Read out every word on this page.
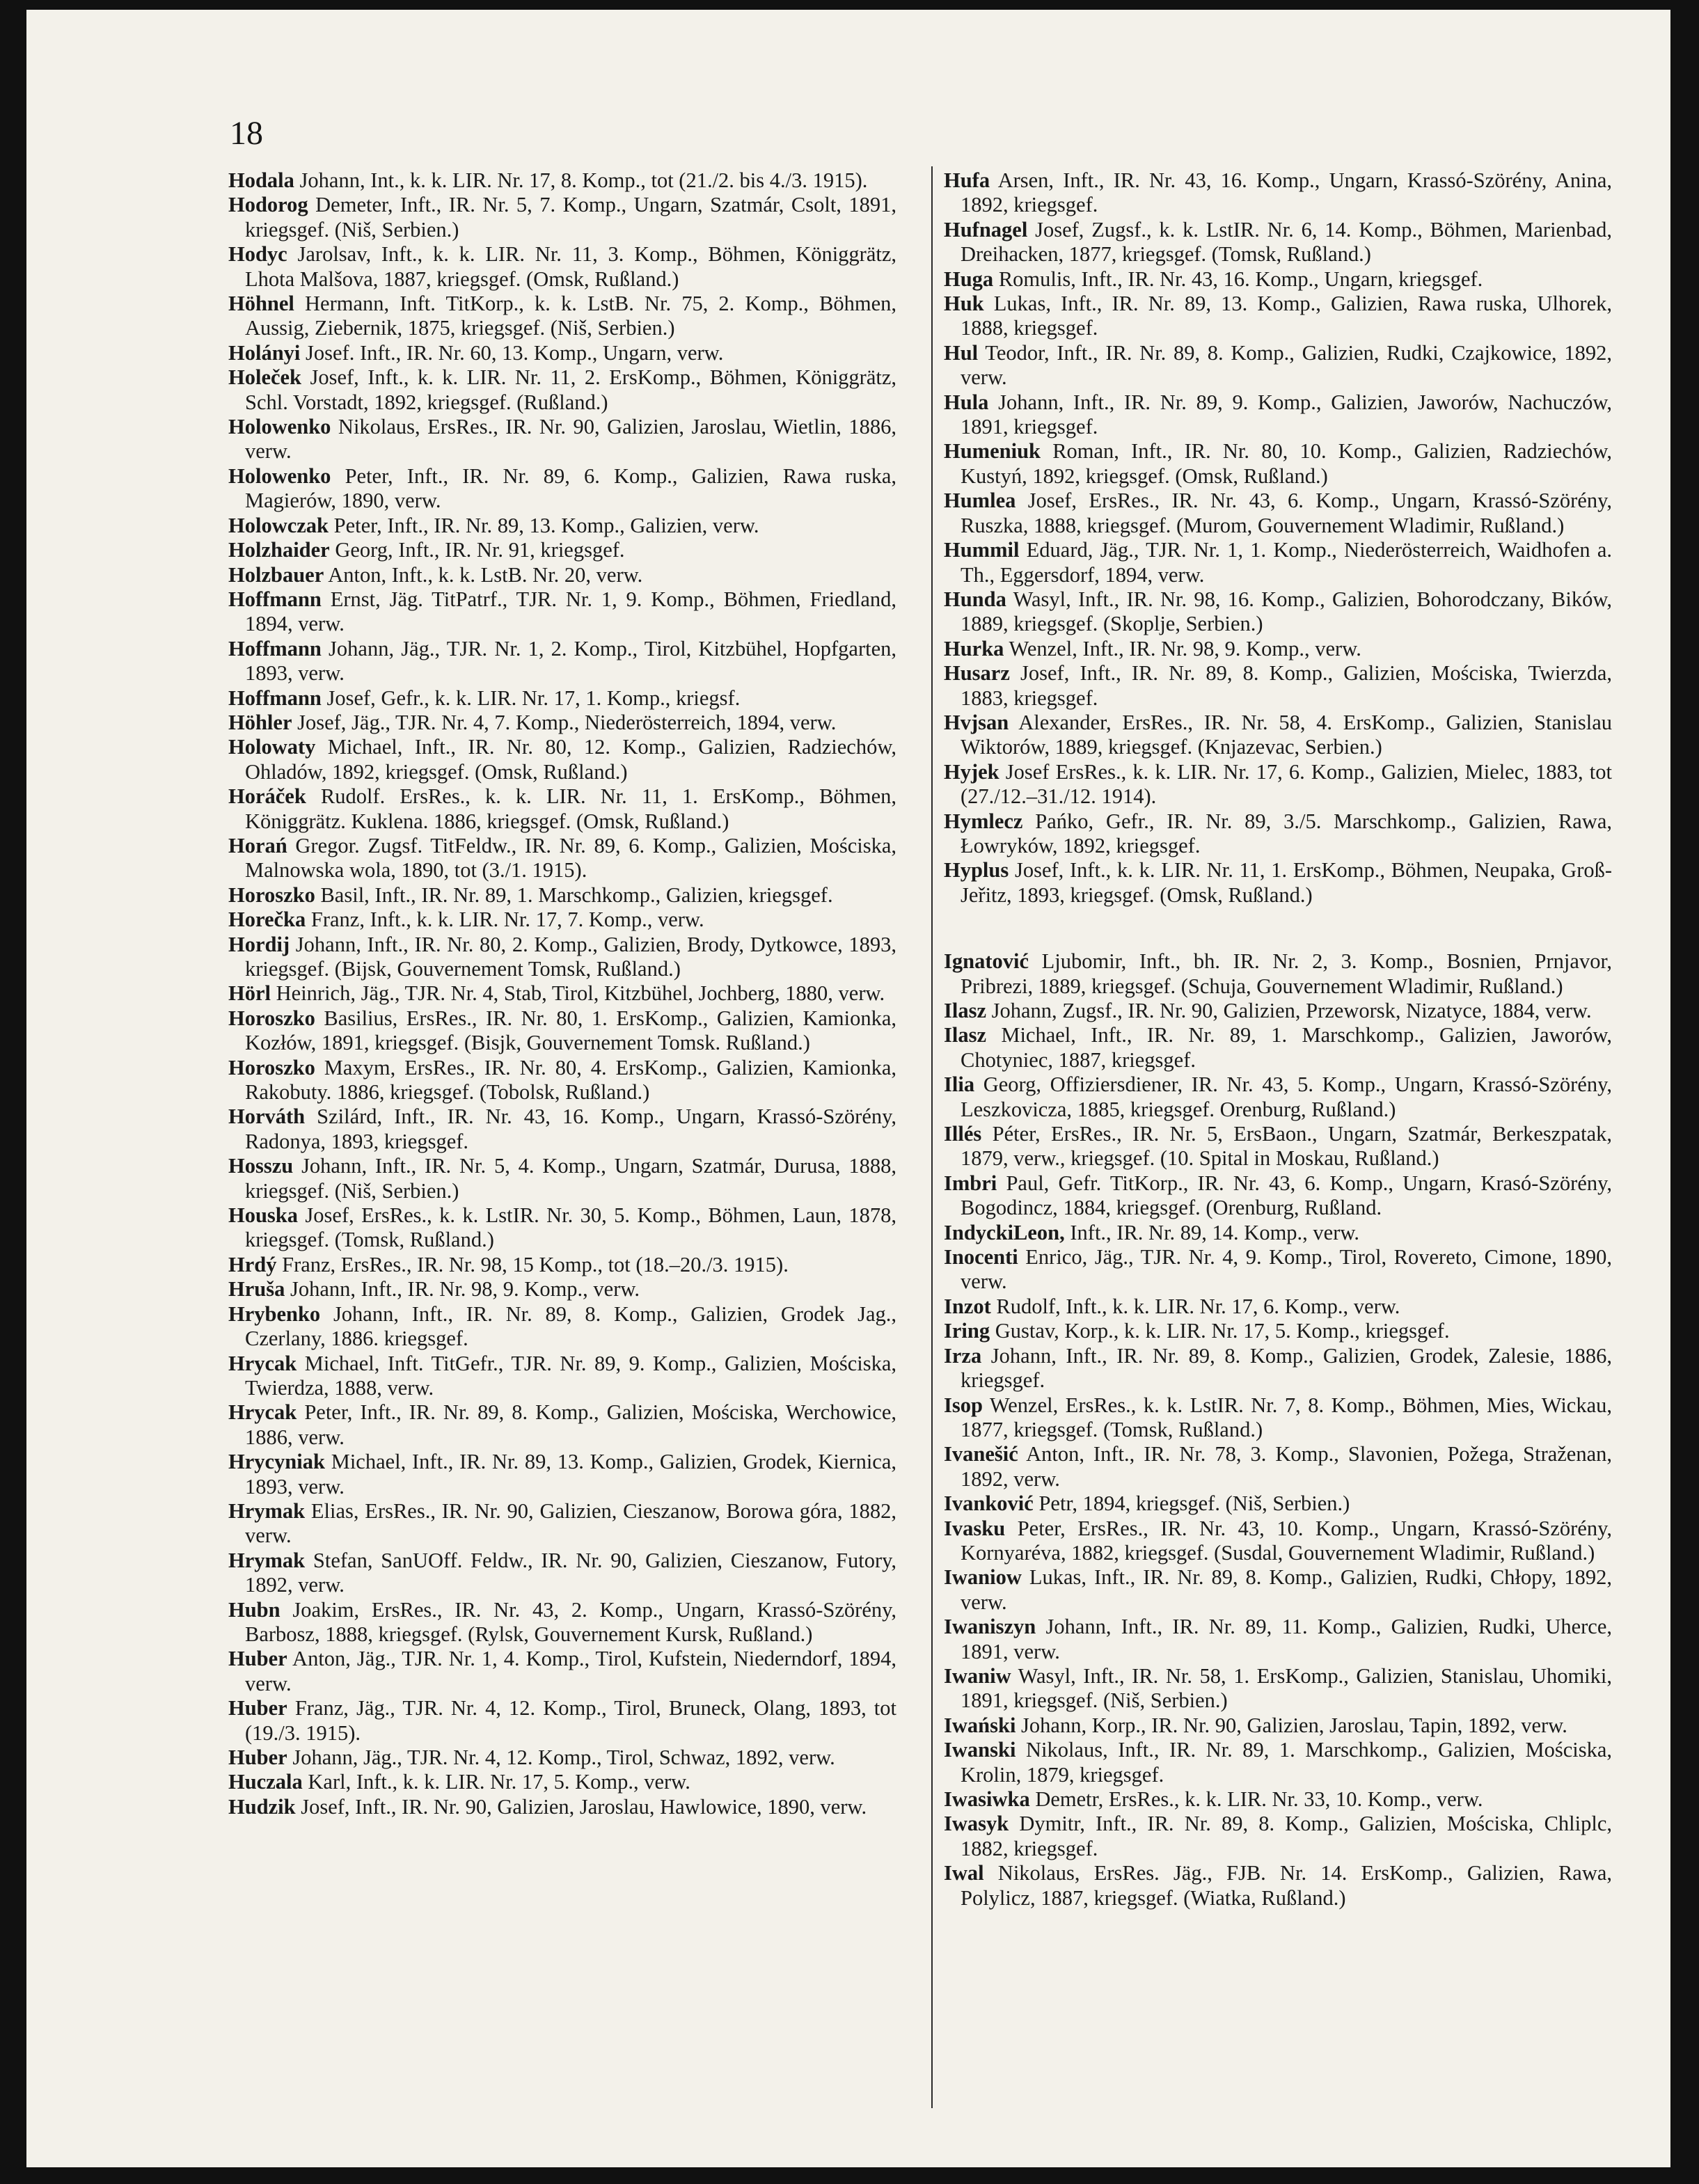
18

Hodala Johann, Int., k. k. LIR. Nr. 17, 8. Komp., tot (21./2. bis 4./3. 1915).

Hodorog Demeter, Inft., IR. Nr. 5, 7. Komp., Ungarn, Szatmár, Csolt, 1891, kriegsgef. (Niš, Serbien.)

Hodyc Jarolsav, Inft., k. k. LIR. Nr. 11, 3. Komp., Böhmen, Königgrätz, Lhota Malšova, 1887, kriegsgef. (Omsk, Rußland.)

Höhnel Hermann, Inft. TitKorp., k. k. LstB. Nr. 75, 2. Komp., Böhmen, Aussig, Ziebernik, 1875, kriegsgef. (Niš, Serbien.)

Holányi Josef. Inft., IR. Nr. 60, 13. Komp., Ungarn, verw.

Holeček Josef, Inft., k. k. LIR. Nr. 11, 2. ErsKomp., Böhmen, Königgrätz, Schl. Vorstadt, 1892, kriegsgef. (Rußland.)

Holowenko Nikolaus, ErsRes., IR. Nr. 90, Galizien, Jaroslau, Wietlin, 1886, verw.

Holowenko Peter, Inft., IR. Nr. 89, 6. Komp., Galizien, Rawa ruska, Magierów, 1890, verw.

Holowczak Peter, Inft., IR. Nr. 89, 13. Komp., Galizien, verw.

Holzhaider Georg, Inft., IR. Nr. 91, kriegsgef.

Holzbauer Anton, Inft., k. k. LstB. Nr. 20, verw.

Hoffmann Ernst, Jäg. TitPatrf., TJR. Nr. 1, 9. Komp., Böhmen, Friedland, 1894, verw.

Hoffmann Johann, Jäg., TJR. Nr. 1, 2. Komp., Tirol, Kitzbühel, Hopfgarten, 1893, verw.

Hoffmann Josef, Gefr., k. k. LIR. Nr. 17, 1. Komp., kriegsf.

Höhler Josef, Jäg., TJR. Nr. 4, 7. Komp., Niederösterreich, 1894, verw.

Holowaty Michael, Inft., IR. Nr. 80, 12. Komp., Galizien, Radziechów, Ohladów, 1892, kriegsgef. (Omsk, Rußland.)

Horáček Rudolf. ErsRes., k. k. LIR. Nr. 11, 1. ErsKomp., Böhmen, Königgrätz. Kuklena. 1886, kriegsgef. (Omsk, Rußland.)

Horań Gregor. Zugsf. TitFeldw., IR. Nr. 89, 6. Komp., Galizien, Mościska, Malnowska wola, 1890, tot (3./1. 1915).

Horoszko Basil, Inft., IR. Nr. 89, 1. Marschkomp., Galizien, kriegsgef.

Horečka Franz, Inft., k. k. LIR. Nr. 17, 7. Komp., verw.

Hordij Johann, Inft., IR. Nr. 80, 2. Komp., Galizien, Brody, Dytkowce, 1893, kriegsgef. (Bijsk, Gouvernement Tomsk, Rußland.)

Hörl Heinrich, Jäg., TJR. Nr. 4, Stab, Tirol, Kitzbühel, Jochberg, 1880, verw.

Horoszko Basilius, ErsRes., IR. Nr. 80, 1. ErsKomp., Galizien, Kamionka, Kozłów, 1891, kriegsgef. (Bisjk, Gouvernement Tomsk. Rußland.)

Horoszko Maxym, ErsRes., IR. Nr. 80, 4. ErsKomp., Galizien, Kamionka, Rakobuty. 1886, kriegsgef. (Tobolsk, Rußland.)

Horváth Szilárd, Inft., IR. Nr. 43, 16. Komp., Ungarn, Krassó-Szörény, Radonya, 1893, kriegsgef.

Hosszu Johann, Inft., IR. Nr. 5, 4. Komp., Ungarn, Szatmár, Durusa, 1888, kriegsgef. (Niš, Serbien.)

Houska Josef, ErsRes., k. k. LstIR. Nr. 30, 5. Komp., Böhmen, Laun, 1878, kriegsgef. (Tomsk, Rußland.)

Hrdý Franz, ErsRes., IR. Nr. 98, 15 Komp., tot (18.–20./3. 1915).

Hruša Johann, Inft., IR. Nr. 98, 9. Komp., verw.

Hrybenko Johann, Inft., IR. Nr. 89, 8. Komp., Galizien, Grodek Jag., Czerlany, 1886. kriegsgef.

Hrycak Michael, Inft. TitGefr., TJR. Nr. 89, 9. Komp., Galizien, Mościska, Twierdza, 1888, verw.

Hrycak Peter, Inft., IR. Nr. 89, 8. Komp., Galizien, Mościska, Werchowice, 1886, verw.

Hrycyniak Michael, Inft., IR. Nr. 89, 13. Komp., Galizien, Grodek, Kiernica, 1893, verw.

Hrymak Elias, ErsRes., IR. Nr. 90, Galizien, Cieszanow, Borowa góra, 1882, verw.

Hrymak Stefan, SanUOff. Feldw., IR. Nr. 90, Galizien, Cieszanow, Futory, 1892, verw.

Hubn Joakim, ErsRes., IR. Nr. 43, 2. Komp., Ungarn, Krassó-Szörény, Barbosz, 1888, kriegsgef. (Rylsk, Gouvernement Kursk, Rußland.)

Huber Anton, Jäg., TJR. Nr. 1, 4. Komp., Tirol, Kufstein, Niederndorf, 1894, verw.

Huber Franz, Jäg., TJR. Nr. 4, 12. Komp., Tirol, Bruneck, Olang, 1893, tot (19./3. 1915).

Huber Johann, Jäg., TJR. Nr. 4, 12. Komp., Tirol, Schwaz, 1892, verw.

Huczala Karl, Inft., k. k. LIR. Nr. 17, 5. Komp., verw.

Hudzik Josef, Inft., IR. Nr. 90, Galizien, Jaroslau, Hawlowice, 1890, verw.

Hufa Arsen, Inft., IR. Nr. 43, 16. Komp., Ungarn, Krassó-Szörény, Anina, 1892, kriegsgef.

Hufnagel Josef, Zugsf., k. k. LstIR. Nr. 6, 14. Komp., Böhmen, Marienbad, Dreihacken, 1877, kriegsgef. (Tomsk, Rußland.)

Huga Romulis, Inft., IR. Nr. 43, 16. Komp., Ungarn, kriegsgef.

Huk Lukas, Inft., IR. Nr. 89, 13. Komp., Galizien, Rawa ruska, Ulhorek, 1888, kriegsgef.

Hul Teodor, Inft., IR. Nr. 89, 8. Komp., Galizien, Rudki, Czajkowice, 1892, verw.

Hula Johann, Inft., IR. Nr. 89, 9. Komp., Galizien, Jaworów, Nachuczów, 1891, kriegsgef.

Humeniuk Roman, Inft., IR. Nr. 80, 10. Komp., Galizien, Radziechów, Kustyń, 1892, kriegsgef. (Omsk, Rußland.)

Humlea Josef, ErsRes., IR. Nr. 43, 6. Komp., Ungarn, Krassó-Szörény, Ruszka, 1888, kriegsgef. (Murom, Gouvernement Wladimir, Rußland.)

Hummil Eduard, Jäg., TJR. Nr. 1, 1. Komp., Niederösterreich, Waidhofen a. Th., Eggersdorf, 1894, verw.

Hunda Wasyl, Inft., IR. Nr. 98, 16. Komp., Galizien, Bohorodczany, Bików, 1889, kriegsgef. (Skoplje, Serbien.)

Hurka Wenzel, Inft., IR. Nr. 98, 9. Komp., verw.

Husarz Josef, Inft., IR. Nr. 89, 8. Komp., Galizien, Mościska, Twierzda, 1883, kriegsgef.

Hvjsan Alexander, ErsRes., IR. Nr. 58, 4. ErsKomp., Galizien, Stanislau Wiktorów, 1889, kriegsgef. (Knjazevac, Serbien.)

Hyjek Josef ErsRes., k. k. LIR. Nr. 17, 6. Komp., Galizien, Mielec, 1883, tot (27./12.–31./12. 1914).

Hymlecz Pańko, Gefr., IR. Nr. 89, 3./5. Marschkomp., Galizien, Rawa, Łowryków, 1892, kriegsgef.

Hyplus Josef, Inft., k. k. LIR. Nr. 11, 1. ErsKomp., Böhmen, Neupaka, Groß-Jeřitz, 1893, kriegsgef. (Omsk, Rußland.)

Ignatović Ljubomir, Inft., bh. IR. Nr. 2, 3. Komp., Bosnien, Prnjavor, Pribrezi, 1889, kriegsgef. (Schuja, Gouvernement Wladimir, Rußland.)

Ilasz Johann, Zugsf., IR. Nr. 90, Galizien, Przeworsk, Nizatyce, 1884, verw.

Ilasz Michael, Inft., IR. Nr. 89, 1. Marschkomp., Galizien, Jaworów, Chotyniec, 1887, kriegsgef.

Ilia Georg, Offiziersdiener, IR. Nr. 43, 5. Komp., Ungarn, Krassó-Szörény, Leszkovicza, 1885, kriegsgef. Orenburg, Rußland.)

Illés Péter, ErsRes., IR. Nr. 5, ErsBaon., Ungarn, Szatmár, Berkeszpatak, 1879, verw., kriegsgef. (10. Spital in Moskau, Rußland.)

Imbri Paul, Gefr. TitKorp., IR. Nr. 43, 6. Komp., Ungarn, Krasó-Szörény, Bogodincz, 1884, kriegsgef. (Orenburg, Rußland.

IndyckiLeon, Inft., IR. Nr. 89, 14. Komp., verw.

Inocenti Enrico, Jäg., TJR. Nr. 4, 9. Komp., Tirol, Rovereto, Cimone, 1890, verw.

Inzot Rudolf, Inft., k. k. LIR. Nr. 17, 6. Komp., verw.

Iring Gustav, Korp., k. k. LIR. Nr. 17, 5. Komp., kriegsgef.

Irza Johann, Inft., IR. Nr. 89, 8. Komp., Galizien, Grodek, Zalesie, 1886, kriegsgef.

Isop Wenzel, ErsRes., k. k. LstIR. Nr. 7, 8. Komp., Böhmen, Mies, Wickau, 1877, kriegsgef. (Tomsk, Rußland.)

Ivanešić Anton, Inft., IR. Nr. 78, 3. Komp., Slavonien, Požega, Straženan, 1892, verw.

Ivanković Petr, 1894, kriegsgef. (Niš, Serbien.)

Ivasku Peter, ErsRes., IR. Nr. 43, 10. Komp., Ungarn, Krassó-Szörény, Kornyaréva, 1882, kriegsgef. (Susdal, Gouvernement Wladimir, Rußland.)

Iwaniow Lukas, Inft., IR. Nr. 89, 8. Komp., Galizien, Rudki, Chłopy, 1892, verw.

Iwaniszyn Johann, Inft., IR. Nr. 89, 11. Komp., Galizien, Rudki, Uherce, 1891, verw.

Iwaniw Wasyl, Inft., IR. Nr. 58, 1. ErsKomp., Galizien, Stanislau, Uhomiki, 1891, kriegsgef. (Niš, Serbien.)

Iwański Johann, Korp., IR. Nr. 90, Galizien, Jaroslau, Tapin, 1892, verw.

Iwanski Nikolaus, Inft., IR. Nr. 89, 1. Marschkomp., Galizien, Mościska, Krolin, 1879, kriegsgef.

Iwasiwka Demetr, ErsRes., k. k. LIR. Nr. 33, 10. Komp., verw.

Iwasyk Dymitr, Inft., IR. Nr. 89, 8. Komp., Galizien, Mościska, Chliplc, 1882, kriegsgef.

Iwal Nikolaus, ErsRes. Jäg., FJB. Nr. 14. ErsKomp., Galizien, Rawa, Polylicz, 1887, kriegsgef. (Wiatka, Rußland.)
